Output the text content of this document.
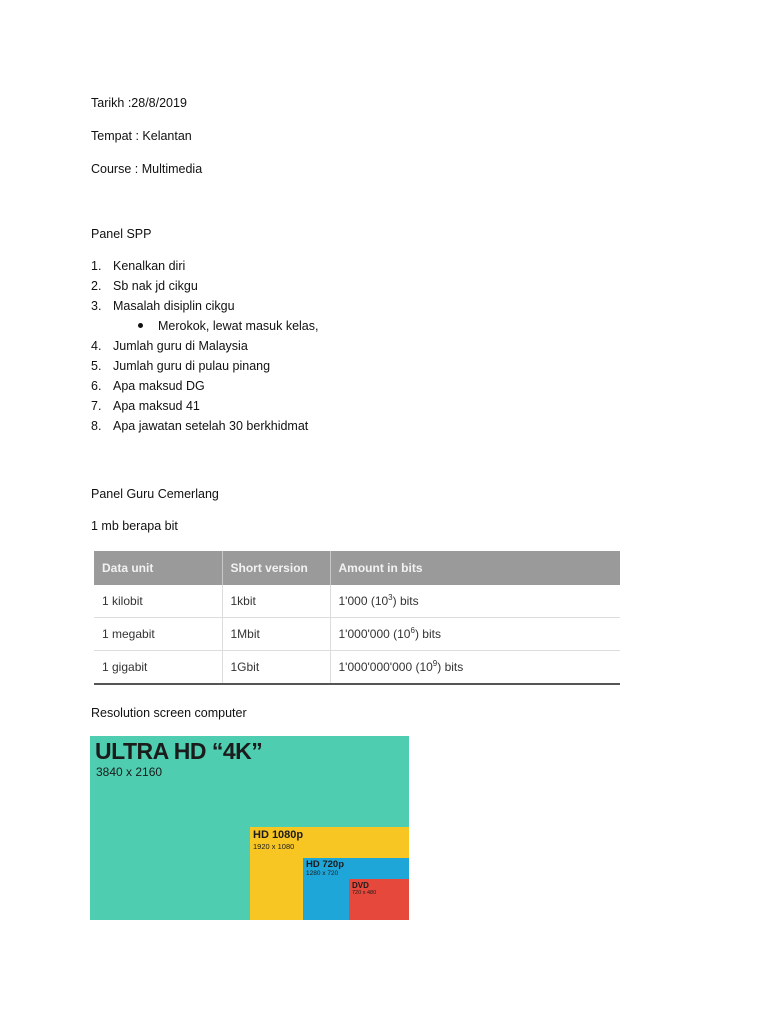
Tarikh :28/8/2019
Tempat : Kelantan
Course : Multimedia
Panel SPP
1. Kenalkan diri
2. Sb nak jd cikgu
3. Masalah disiplin cikgu
Merokok, lewat masuk kelas,
4. Jumlah guru di Malaysia
5. Jumlah guru di pulau pinang
6. Apa maksud DG
7. Apa maksud 41
8. Apa jawatan setelah 30 berkhidmat
Panel Guru Cemerlang
1 mb berapa bit
Data unit	Short version	Amount in bits
1 kilobit	1kbit	1'000 $(10^3)$ bits
1 megabit	1Mbit	1'000'000 $(10^6)$ bits
1 gigabit	1Gbit	1'000'000'000 $(10^9)$ bits
Resolution screen computer
ULTRA HD “4K”
3840 x 2160
HD 1080p
1920 x 1080
HD 720p
1280 x 720
DVD
720 x 480
